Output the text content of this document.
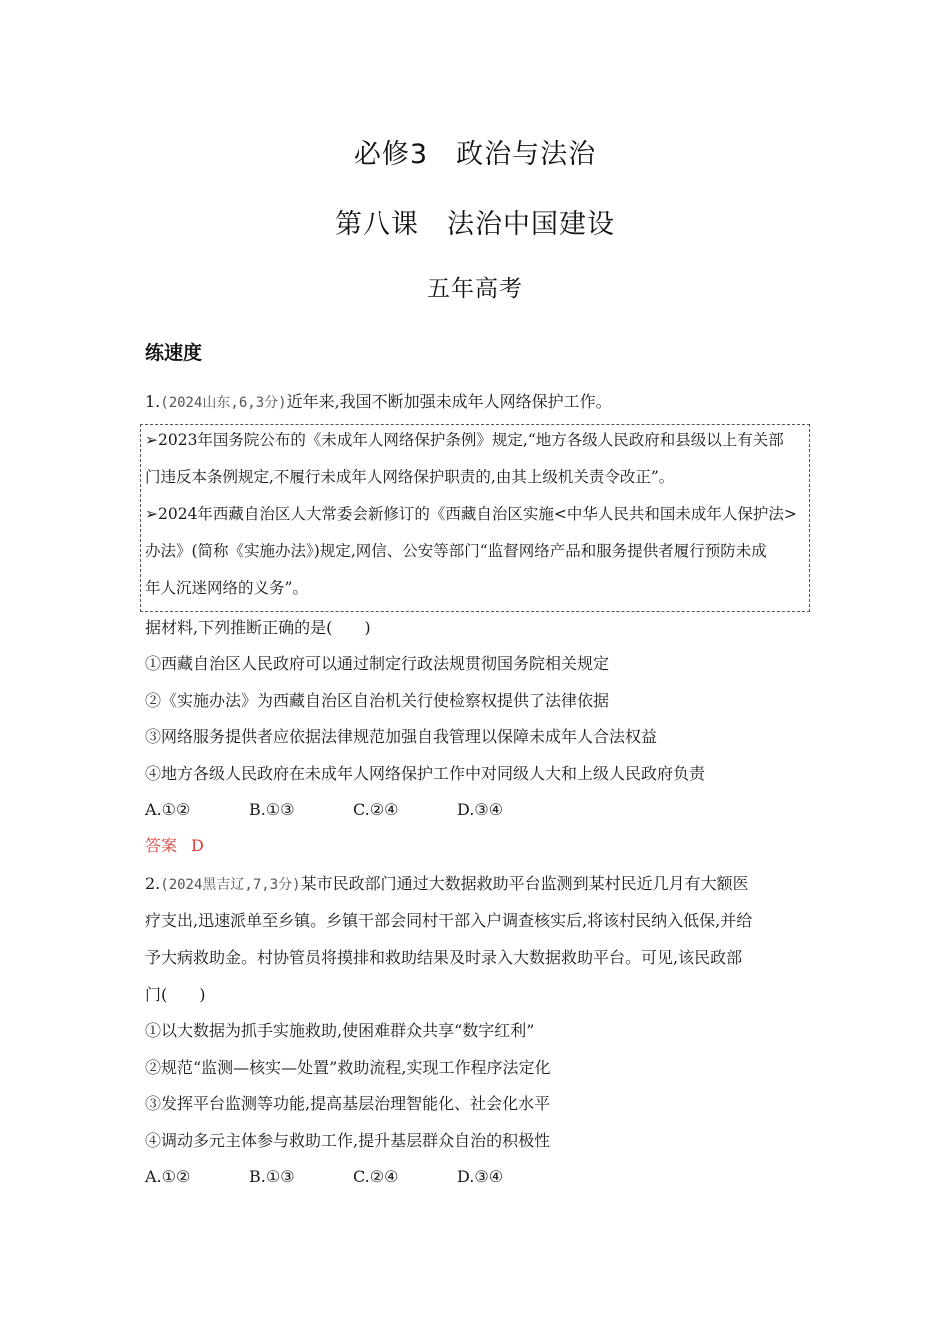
必修3　政治与法治
第八课　法治中国建设
五年高考
练速度
1.(2024山东,6,3分)近年来,我国不断加强未成年人网络保护工作。
➢2023年国务院公布的《未成年人网络保护条例》规定,“地方各级人民政府和县级以上有关部
门违反本条例规定,不履行未成年人网络保护职责的,由其上级机关责令改正”。
➢2024年西藏自治区人大常委会新修订的《西藏自治区实施<中华人民共和国未成年人保护法>
办法》(简称《实施办法》)规定,网信、公安等部门“监督网络产品和服务提供者履行预防未成
年人沉迷网络的义务”。
据材料,下列推断正确的是(　　)
①西藏自治区人民政府可以通过制定行政法规贯彻国务院相关规定
②《实施办法》为西藏自治区自治机关行使检察权提供了法律依据
③网络服务提供者应依据法律规范加强自我管理以保障未成年人合法权益
④地方各级人民政府在未成年人网络保护工作中对同级人大和上级人民政府负责
A.①②	B.①③	C.②④	D.③④
答案 D
2.(2024黑吉辽,7,3分)某市民政部门通过大数据救助平台监测到某村民近几月有大额医
疗支出,迅速派单至乡镇。乡镇干部会同村干部入户调查核实后,将该村民纳入低保,并给
予大病救助金。村协管员将摸排和救助结果及时录入大数据救助平台。可见,该民政部
门(　　)
①以大数据为抓手实施救助,使困难群众共享“数字红利”
②规范“监测—核实—处置”救助流程,实现工作程序法定化
③发挥平台监测等功能,提高基层治理智能化、社会化水平
④调动多元主体参与救助工作,提升基层群众自治的积极性
A.①②	B.①③	C.②④	D.③④
